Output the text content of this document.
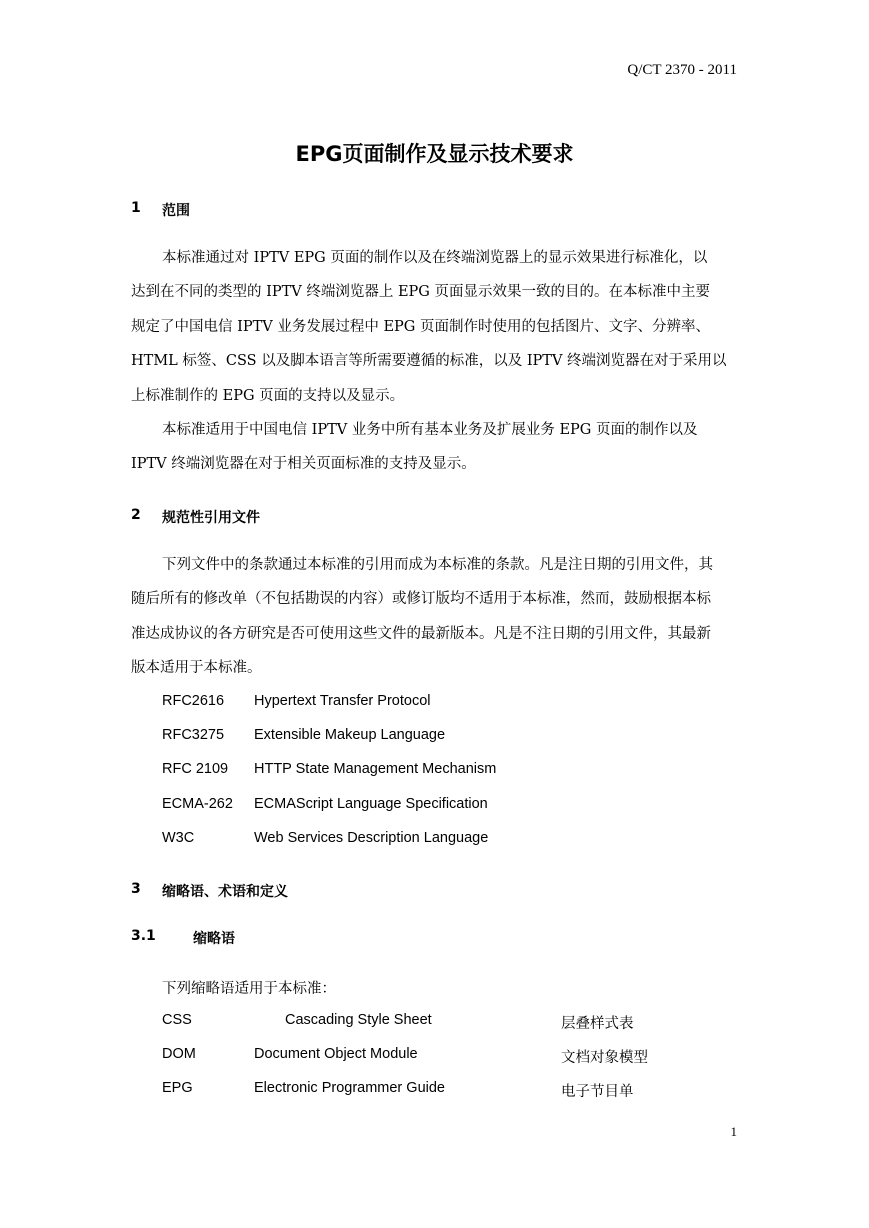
Q/CT 2370 - 2011
EPG页面制作及显示技术要求
1 范围
本标准通过对 IPTV EPG 页面的制作以及在终端浏览器上的显示效果进行标准化，以
达到在不同的类型的 IPTV 终端浏览器上 EPG 页面显示效果一致的目的。在本标准中主要
规定了中国电信 IPTV 业务发展过程中 EPG 页面制作时使用的包括图片、文字、分辨率、
HTML 标签、CSS 以及脚本语言等所需要遵循的标准，以及 IPTV 终端浏览器在对于采用以
上标准制作的 EPG 页面的支持以及显示。
本标准适用于中国电信 IPTV 业务中所有基本业务及扩展业务 EPG 页面的制作以及
IPTV 终端浏览器在对于相关页面标准的支持及显示。
2 规范性引用文件
下列文件中的条款通过本标准的引用而成为本标准的条款。凡是注日期的引用文件，其
随后所有的修改单（不包括勘误的内容）或修订版均不适用于本标准，然而，鼓励根据本标
准达成协议的各方研究是否可使用这些文件的最新版本。凡是不注日期的引用文件，其最新
版本适用于本标准。
RFC2616 Hypertext Transfer Protocol
RFC3275 Extensible Makeup Language
RFC 2109 HTTP State Management Mechanism
ECMA-262 ECMAScript Language Specification
W3C	Web Services Description Language
3 缩略语、术语和定义
3.1	缩略语
下列缩略语适用于本标准：
CSS	Cascading Style Sheet	层叠样式表
DOM	Document Object Module	文档对象模型
EPG	Electronic Programmer Guide	电子节目单
1
